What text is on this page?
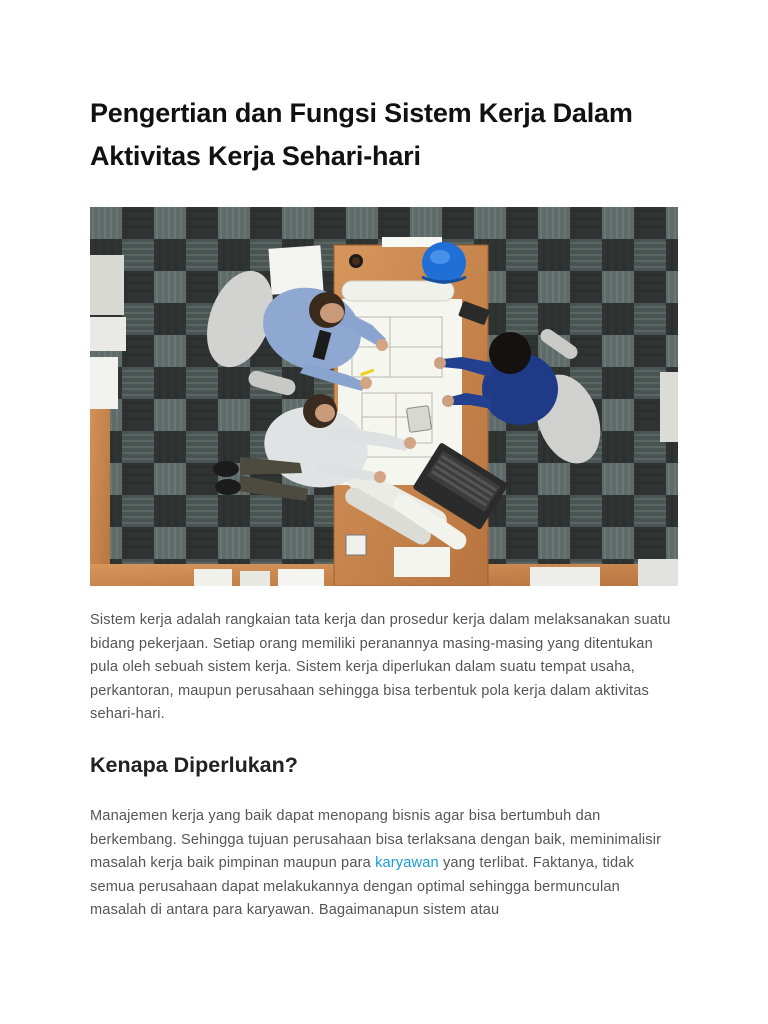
Pengertian dan Fungsi Sistem Kerja Dalam Aktivitas Kerja Sehari-hari

Sistem kerja adalah rangkaian tata kerja dan prosedur kerja dalam melaksanakan suatu bidang pekerjaan. Setiap orang memiliki peranannya masing-masing yang ditentukan pula oleh sebuah sistem kerja. Sistem kerja diperlukan dalam suatu tempat usaha, perkantoran, maupun perusahaan sehingga bisa terbentuk pola kerja dalam aktivitas sehari-hari.

Kenapa Diperlukan?

Manajemen kerja yang baik dapat menopang bisnis agar bisa bertumbuh dan berkembang. Sehingga tujuan perusahaan bisa terlaksana dengan baik, meminimalisir masalah kerja baik pimpinan maupun para karyawan yang terlibat. Faktanya, tidak semua perusahaan dapat melakukannya dengan optimal sehingga bermunculan masalah di antara para karyawan. Bagaimanapun sistem atau
